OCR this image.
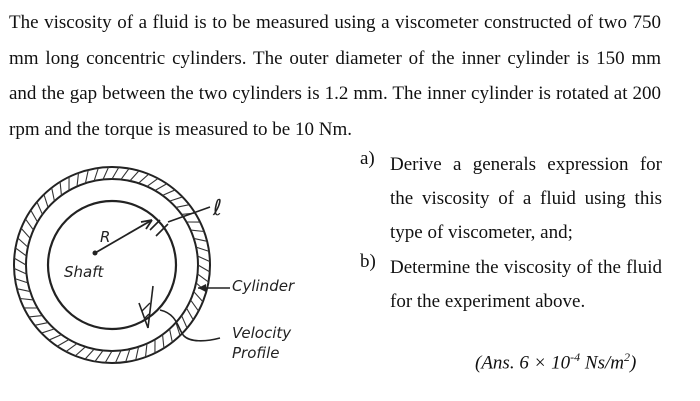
The viscosity of a fluid is to be measured using a viscometer constructed of two 750 mm long concentric cylinders. The outer diameter of the inner cylinder is 150 mm and the gap between the two cylinders is 1.2 mm. The inner cylinder is rotated at 200 rpm and the torque is measured to be 10 Nm.
a) Derive a generals expression for the viscosity of a fluid using this type of viscometer, and;
b) Determine the viscosity of the fluid for the experiment above.
(Ans. $6 \times 10^{-4}$ $Ns/m^2$)
R
Shaft
ℓ
Cylinder
Velocity
Profile
